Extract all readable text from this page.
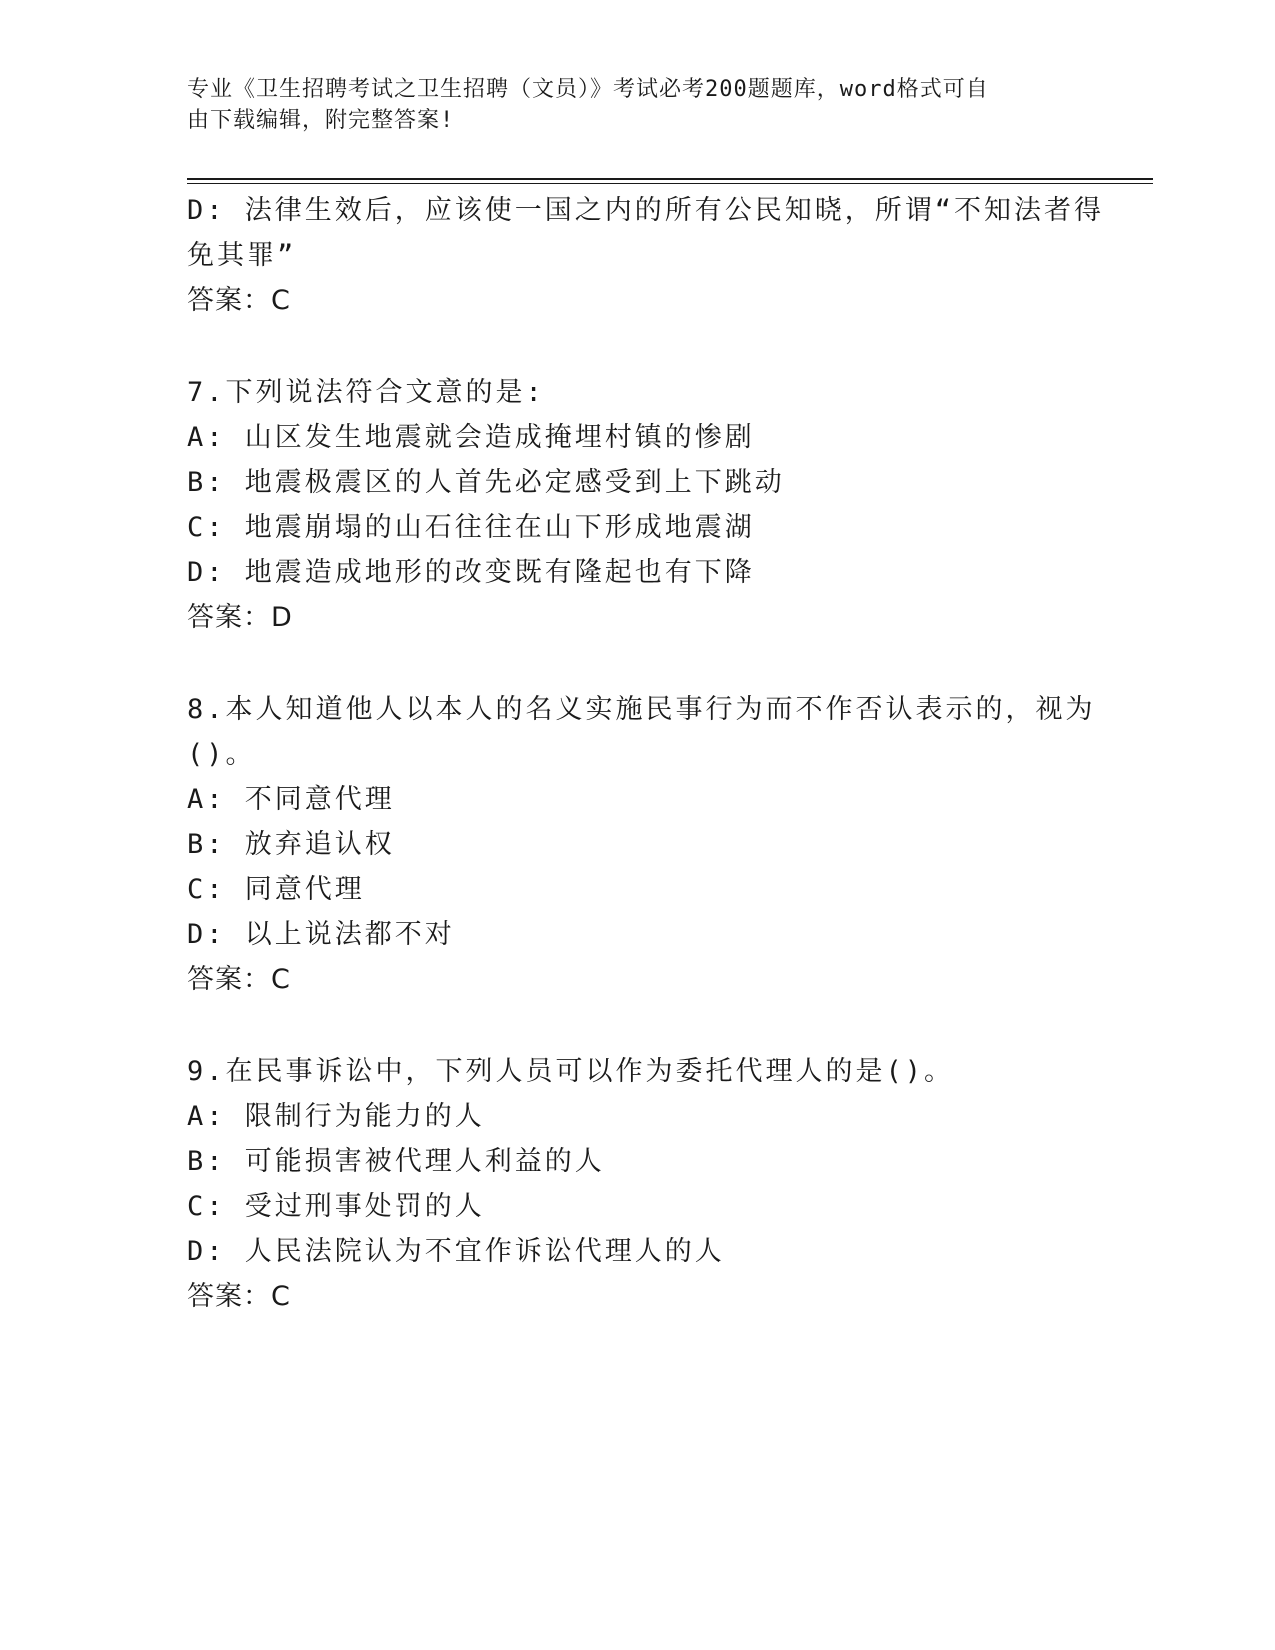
专业《卫生招聘考试之卫生招聘（文员）》考试必考200题题库，word格式可自
由下载编辑，附完整答案!
D: 法律生效后，应该使一国之内的所有公民知晓，所谓“不知法者得
免其罪”
答案：C
7.下列说法符合文意的是:
A: 山区发生地震就会造成掩埋村镇的惨剧
B: 地震极震区的人首先必定感受到上下跳动
C: 地震崩塌的山石往往在山下形成地震湖
D: 地震造成地形的改变既有隆起也有下降
答案：D
8.本人知道他人以本人的名义实施民事行为而不作否认表示的，视为
()。
A: 不同意代理
B: 放弃追认权
C: 同意代理
D: 以上说法都不对
答案：C
9.在民事诉讼中，下列人员可以作为委托代理人的是()。
A: 限制行为能力的人
B: 可能损害被代理人利益的人
C: 受过刑事处罚的人
D: 人民法院认为不宜作诉讼代理人的人
答案：C
